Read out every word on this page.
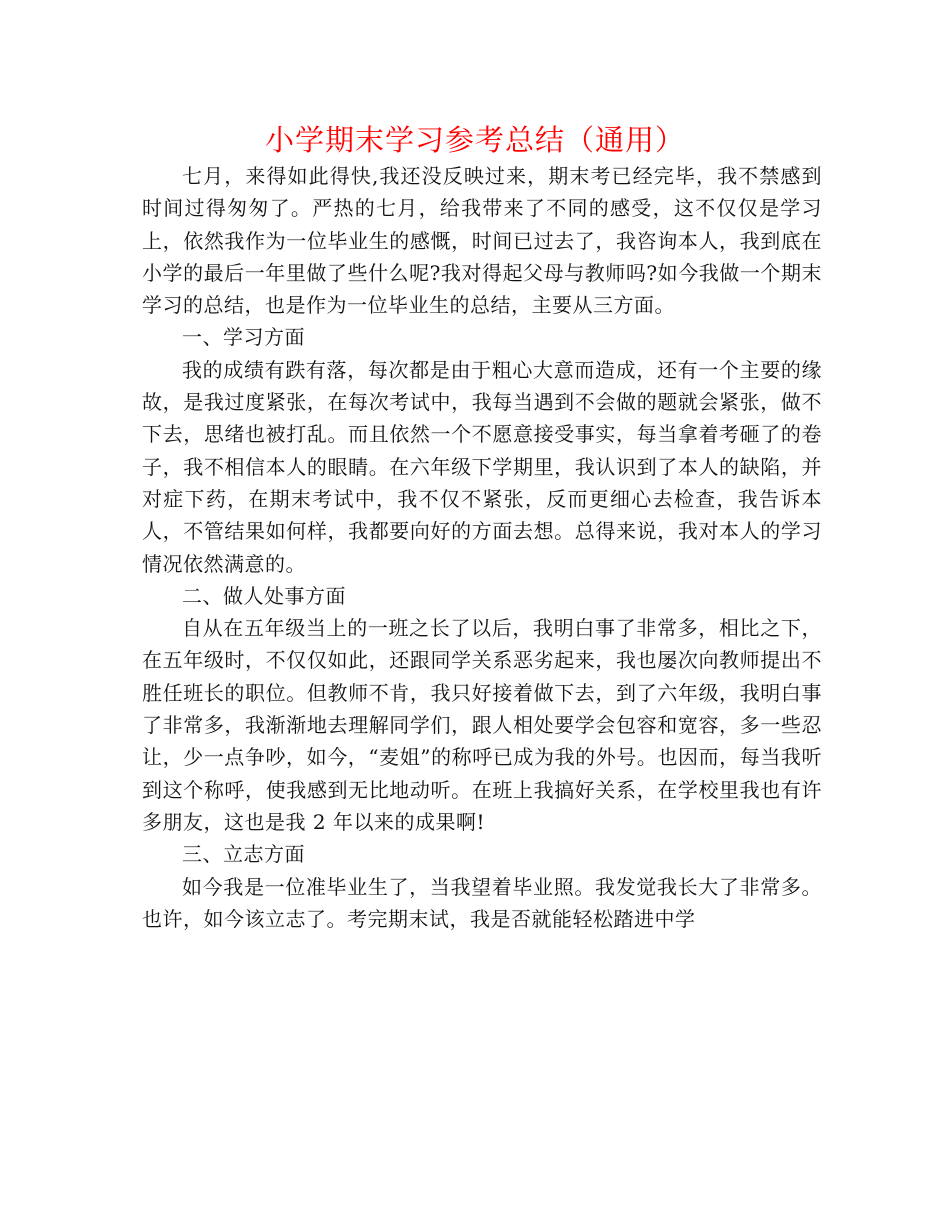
小学期末学习参考总结（通用）

七月，来得如此得快,我还没反映过来，期末考已经完毕，我不禁感到时间过得匆匆了。严热的七月，给我带来了不同的感受，这不仅仅是学习上，依然我作为一位毕业生的感慨，时间已过去了，我咨询本人，我到底在小学的最后一年里做了些什么呢?我对得起父母与教师吗?如今我做一个期末学习的总结，也是作为一位毕业生的总结，主要从三方面。

一、学习方面

我的成绩有跌有落，每次都是由于粗心大意而造成，还有一个主要的缘故，是我过度紧张，在每次考试中，我每当遇到不会做的题就会紧张，做不下去，思绪也被打乱。而且依然一个不愿意接受事实，每当拿着考砸了的卷子，我不相信本人的眼睛。在六年级下学期里，我认识到了本人的缺陷，并对症下药，在期末考试中，我不仅不紧张，反而更细心去检查，我告诉本人，不管结果如何样，我都要向好的方面去想。总得来说，我对本人的学习情况依然满意的。

二、做人处事方面

自从在五年级当上的一班之长了以后，我明白事了非常多，相比之下，在五年级时，不仅仅如此，还跟同学关系恶劣起来，我也屡次向教师提出不胜任班长的职位。但教师不肯，我只好接着做下去，到了六年级，我明白事了非常多，我渐渐地去理解同学们，跟人相处要学会包容和宽容，多一些忍让，少一点争吵，如今，“麦姐”的称呼已成为我的外号。也因而，每当我听到这个称呼，使我感到无比地动听。在班上我搞好关系，在学校里我也有许多朋友，这也是我 2 年以来的成果啊!

三、立志方面

如今我是一位准毕业生了，当我望着毕业照。我发觉我长大了非常多。也许，如今该立志了。考完期末试，我是否就能轻松踏进中学
